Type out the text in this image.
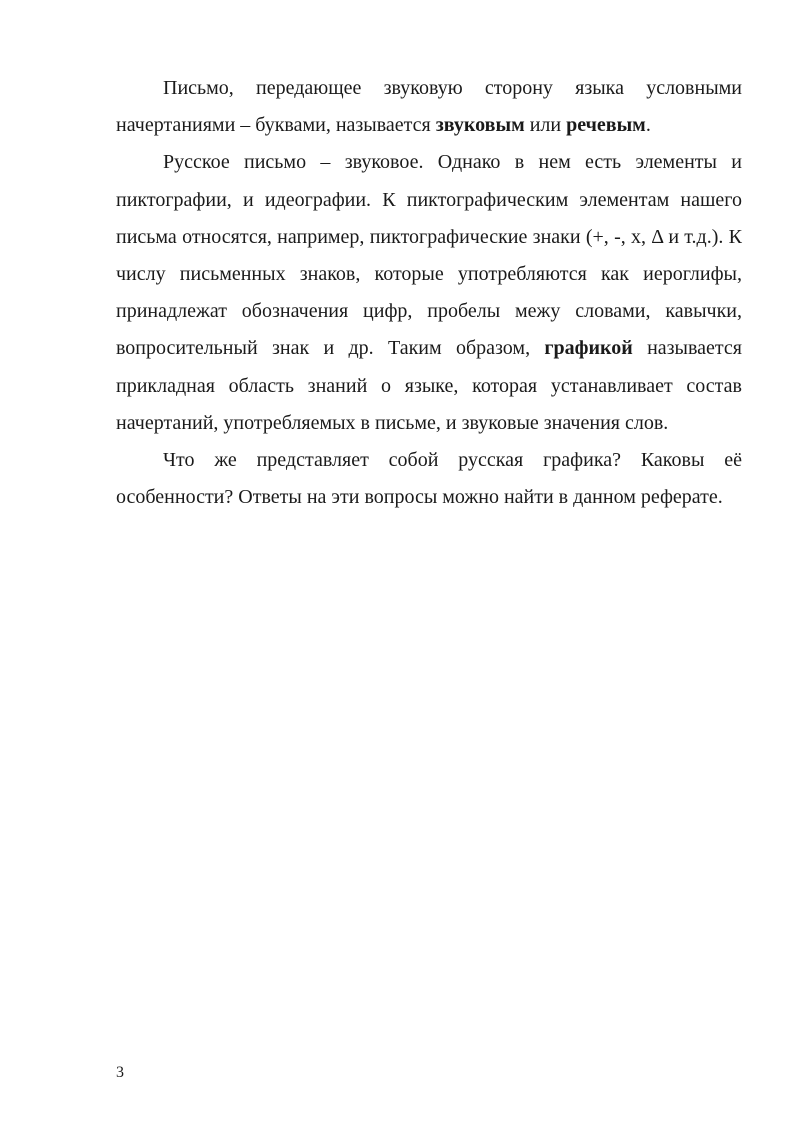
Письмо, передающее звуковую сторону языка условными начертаниями – буквами, называется звуковым или речевым.

Русское письмо – звуковое. Однако в нем есть элементы и пиктографии, и идеографии. К пиктографическим элементам нашего письма относятся, например, пиктографические знаки (+, -, х, Δ и т.д.). К числу письменных знаков, которые употребляются как иероглифы, принадлежат обозначения цифр, пробелы межу словами, кавычки, вопросительный знак и др. Таким образом, графикой называется прикладная область знаний о языке, которая устанавливает состав начертаний, употребляемых в письме, и звуковые значения слов.

Что же представляет собой русская графика? Каковы её особенности? Ответы на эти вопросы можно найти в данном реферате.

3
